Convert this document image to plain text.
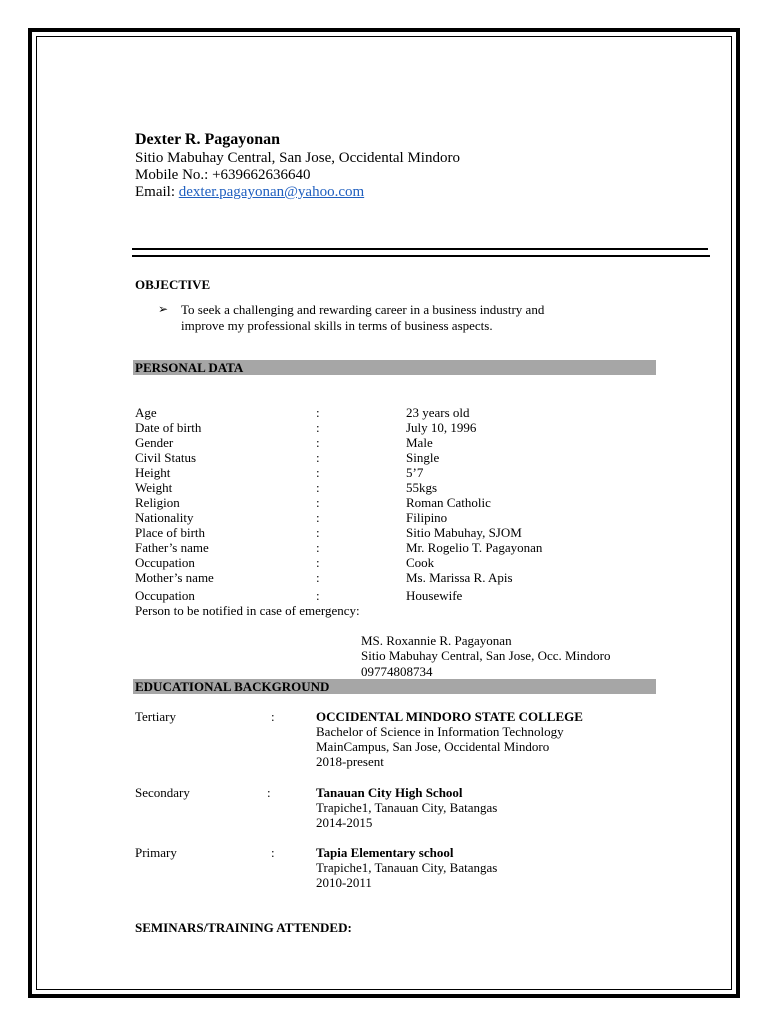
Dexter R. Pagayonan
Sitio Mabuhay Central, San Jose, Occidental Mindoro
Mobile No.: +639662636640
Email: dexter.pagayonan@yahoo.com
OBJECTIVE
➢ To seek a challenging and rewarding career in a business industry and
improve my professional skills in terms of business aspects.
PERSONAL DATA
Age	:	23 years old
Date of birth	:	July 10, 1996
Gender	:	Male
Civil Status	:	Single
Height	:	5’7
Weight	:	55kgs
Religion	:	Roman Catholic
Nationality	:	Filipino
Place of birth	:	Sitio Mabuhay, SJOM
Father’s name	:	Mr. Rogelio T. Pagayonan
Occupation	:	Cook
Mother’s name	:	Ms. Marissa R. Apis
Occupation	:	Housewife
Person to be notified in case of emergency:
MS. Roxannie R. Pagayonan
Sitio Mabuhay Central, San Jose, Occ. Mindoro
09774808734
EDUCATIONAL BACKGROUND
Tertiary	:	OCCIDENTAL MINDORO STATE COLLEGE
Bachelor of Science in Information Technology
MainCampus, San Jose, Occidental Mindoro
2018-present
Secondary	:	Tanauan City High School
Trapiche1, Tanauan City, Batangas
2014-2015
Primary	:	Tapia Elementary school
Trapiche1, Tanauan City, Batangas
2010-2011
SEMINARS/TRAINING ATTENDED:
